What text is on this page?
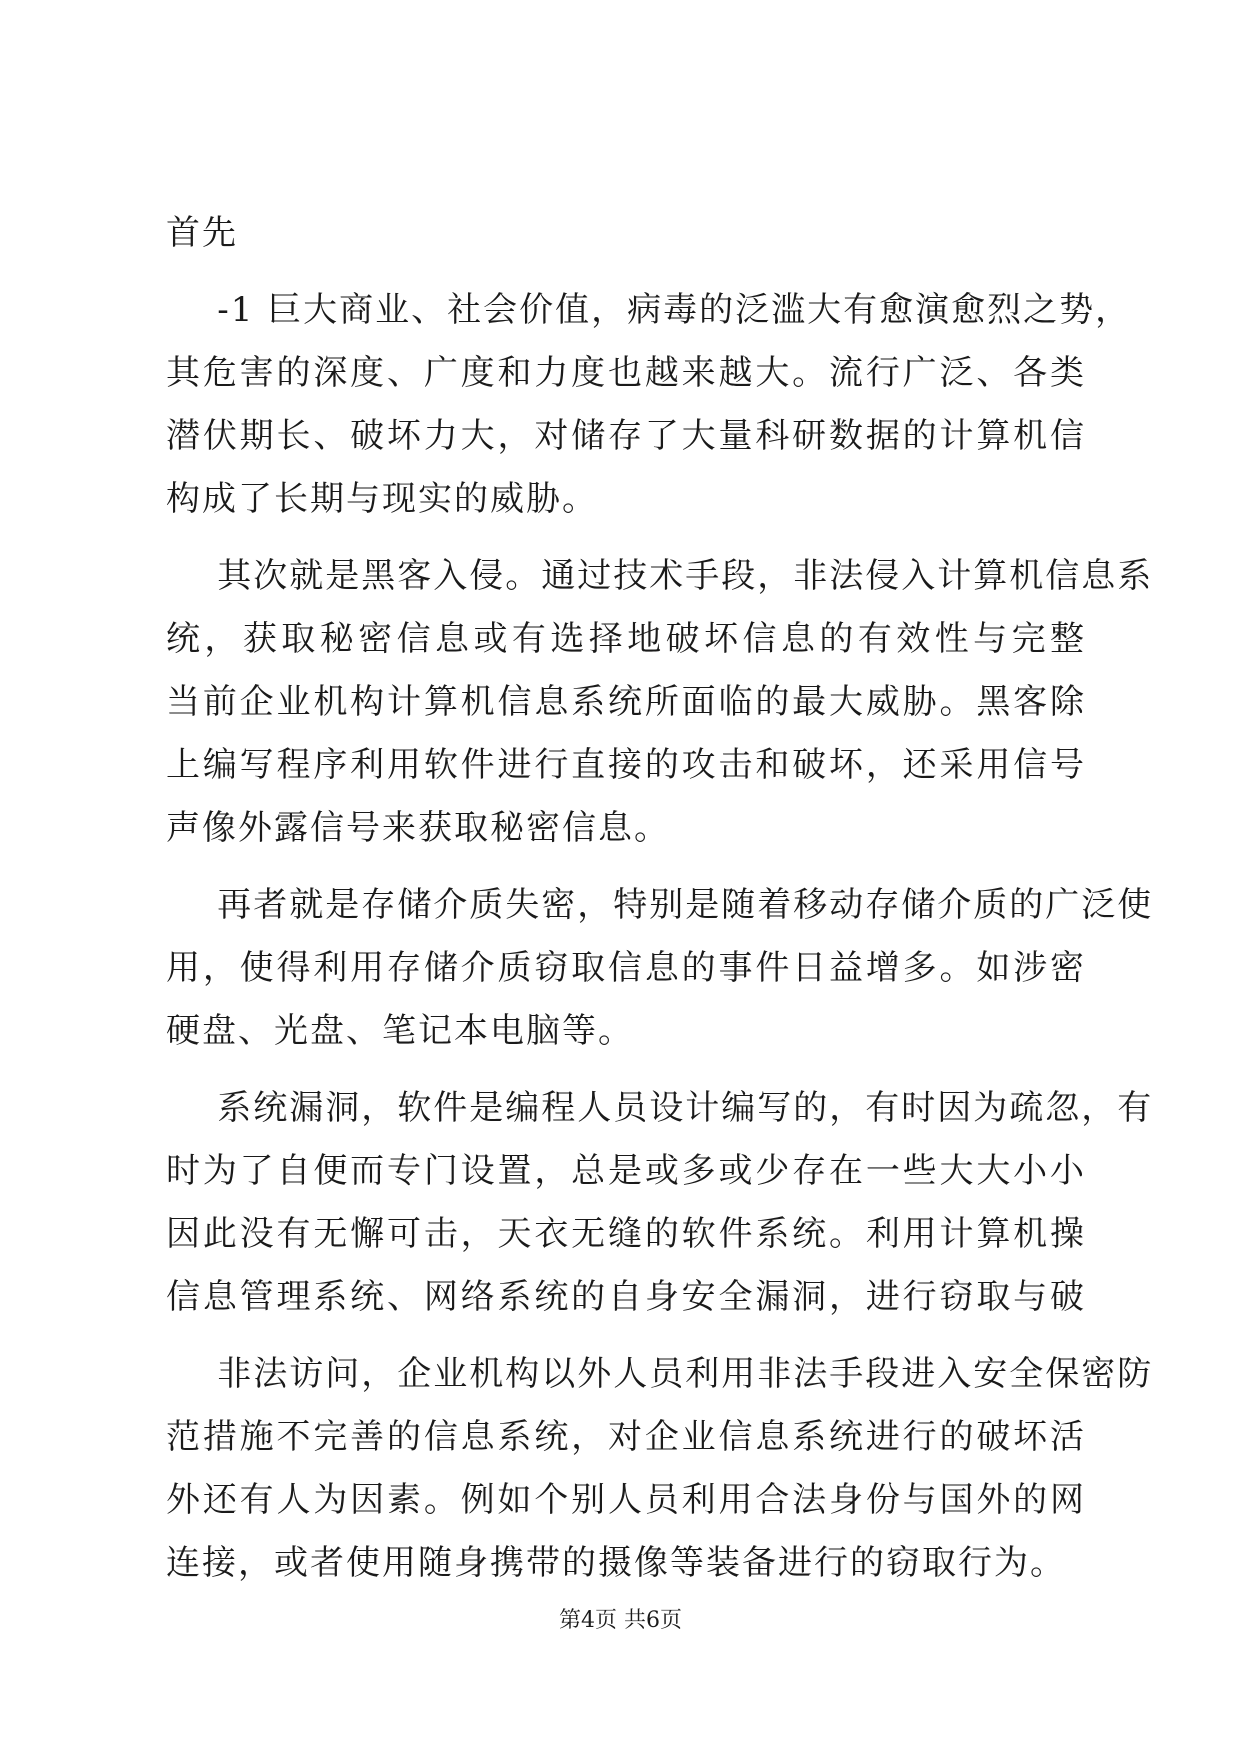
首先
-1 巨大商业、社会价值，病毒的泛滥大有愈演愈烈之势，
其危害的深度、广度和力度也越来越大。流行广泛、各类
潜伏期长、破坏力大，对储存了大量科研数据的计算机信
构成了长期与现实的威胁。
其次就是黑客入侵。通过技术手段，非法侵入计算机信息系
统，获取秘密信息或有选择地破坏信息的有效性与完整
当前企业机构计算机信息系统所面临的最大威胁。黑客除
上编写程序利用软件进行直接的攻击和破坏，还采用信号
声像外露信号来获取秘密信息。
再者就是存储介质失密，特别是随着移动存储介质的广泛使
用，使得利用存储介质窃取信息的事件日益增多。如涉密
硬盘、光盘、笔记本电脑等。
系统漏洞，软件是编程人员设计编写的，有时因为疏忽，有
时为了自便而专门设置，总是或多或少存在一些大大小小
因此没有无懈可击，天衣无缝的软件系统。利用计算机操
信息管理系统、网络系统的自身安全漏洞，进行窃取与破
非法访问，企业机构以外人员利用非法手段进入安全保密防
范措施不完善的信息系统，对企业信息系统进行的破坏活
外还有人为因素。例如个别人员利用合法身份与国外的网
连接，或者使用随身携带的摄像等装备进行的窃取行为。
第4页 共6页
